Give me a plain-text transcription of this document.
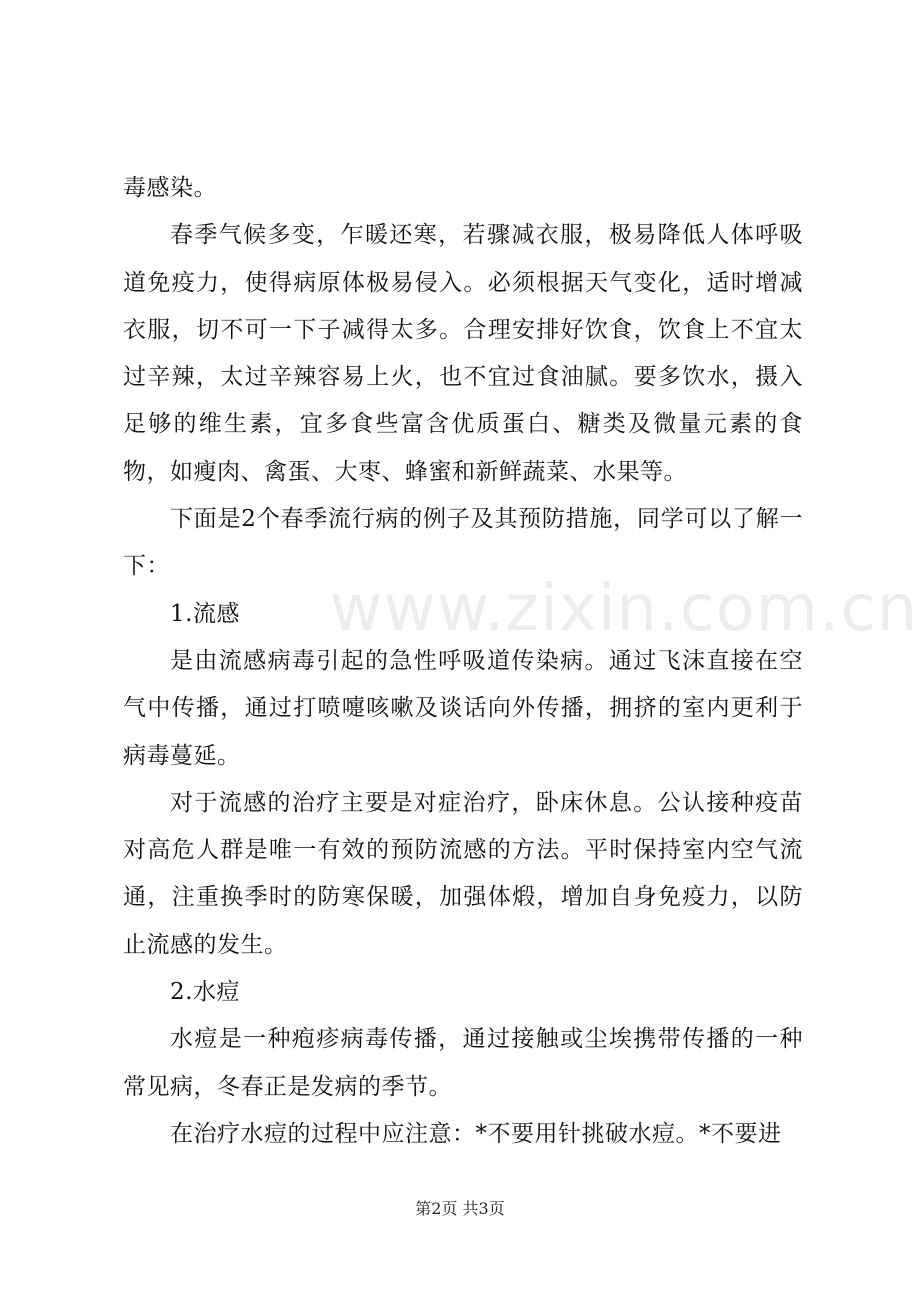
www.zixin.com.cn

毒感染。

春季气候多变，乍暖还寒，若骤减衣服，极易降低人体呼吸道免疫力，使得病原体极易侵入。必须根据天气变化，适时增减衣服，切不可一下子减得太多。合理安排好饮食，饮食上不宜太过辛辣，太过辛辣容易上火，也不宜过食油腻。要多饮水，摄入足够的维生素，宜多食些富含优质蛋白、糖类及微量元素的食物，如瘦肉、禽蛋、大枣、蜂蜜和新鲜蔬菜、水果等。

下面是2个春季流行病的例子及其预防措施，同学可以了解一下：

1.流感

是由流感病毒引起的急性呼吸道传染病。通过飞沫直接在空气中传播，通过打喷嚏咳嗽及谈话向外传播，拥挤的室内更利于病毒蔓延。

对于流感的治疗主要是对症治疗，卧床休息。公认接种疫苗对高危人群是唯一有效的预防流感的方法。平时保持室内空气流通，注重换季时的防寒保暖，加强体煅，增加自身免疫力，以防止流感的发生。

2.水痘

水痘是一种疱疹病毒传播，通过接触或尘埃携带传播的一种常见病，冬春正是发病的季节。

在治疗水痘的过程中应注意：*不要用针挑破水痘。*不要进

第2页 共3页
